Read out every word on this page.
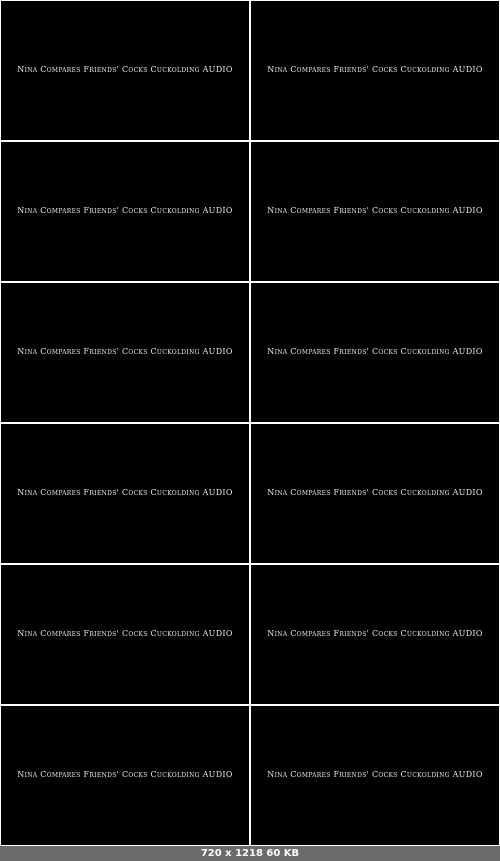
Nina Compares Friends' Cocks Cuckolding AUDIO	Nina Compares Friends' Cocks Cuckolding AUDIO
Nina Compares Friends' Cocks Cuckolding AUDIO	Nina Compares Friends' Cocks Cuckolding AUDIO
Nina Compares Friends' Cocks Cuckolding AUDIO	Nina Compares Friends' Cocks Cuckolding AUDIO
Nina Compares Friends' Cocks Cuckolding AUDIO	Nina Compares Friends' Cocks Cuckolding AUDIO
Nina Compares Friends' Cocks Cuckolding AUDIO	Nina Compares Friends' Cocks Cuckolding AUDIO
Nina Compares Friends' Cocks Cuckolding AUDIO	Nina Compares Friends' Cocks Cuckolding AUDIO
720 x 1218 60 KB
